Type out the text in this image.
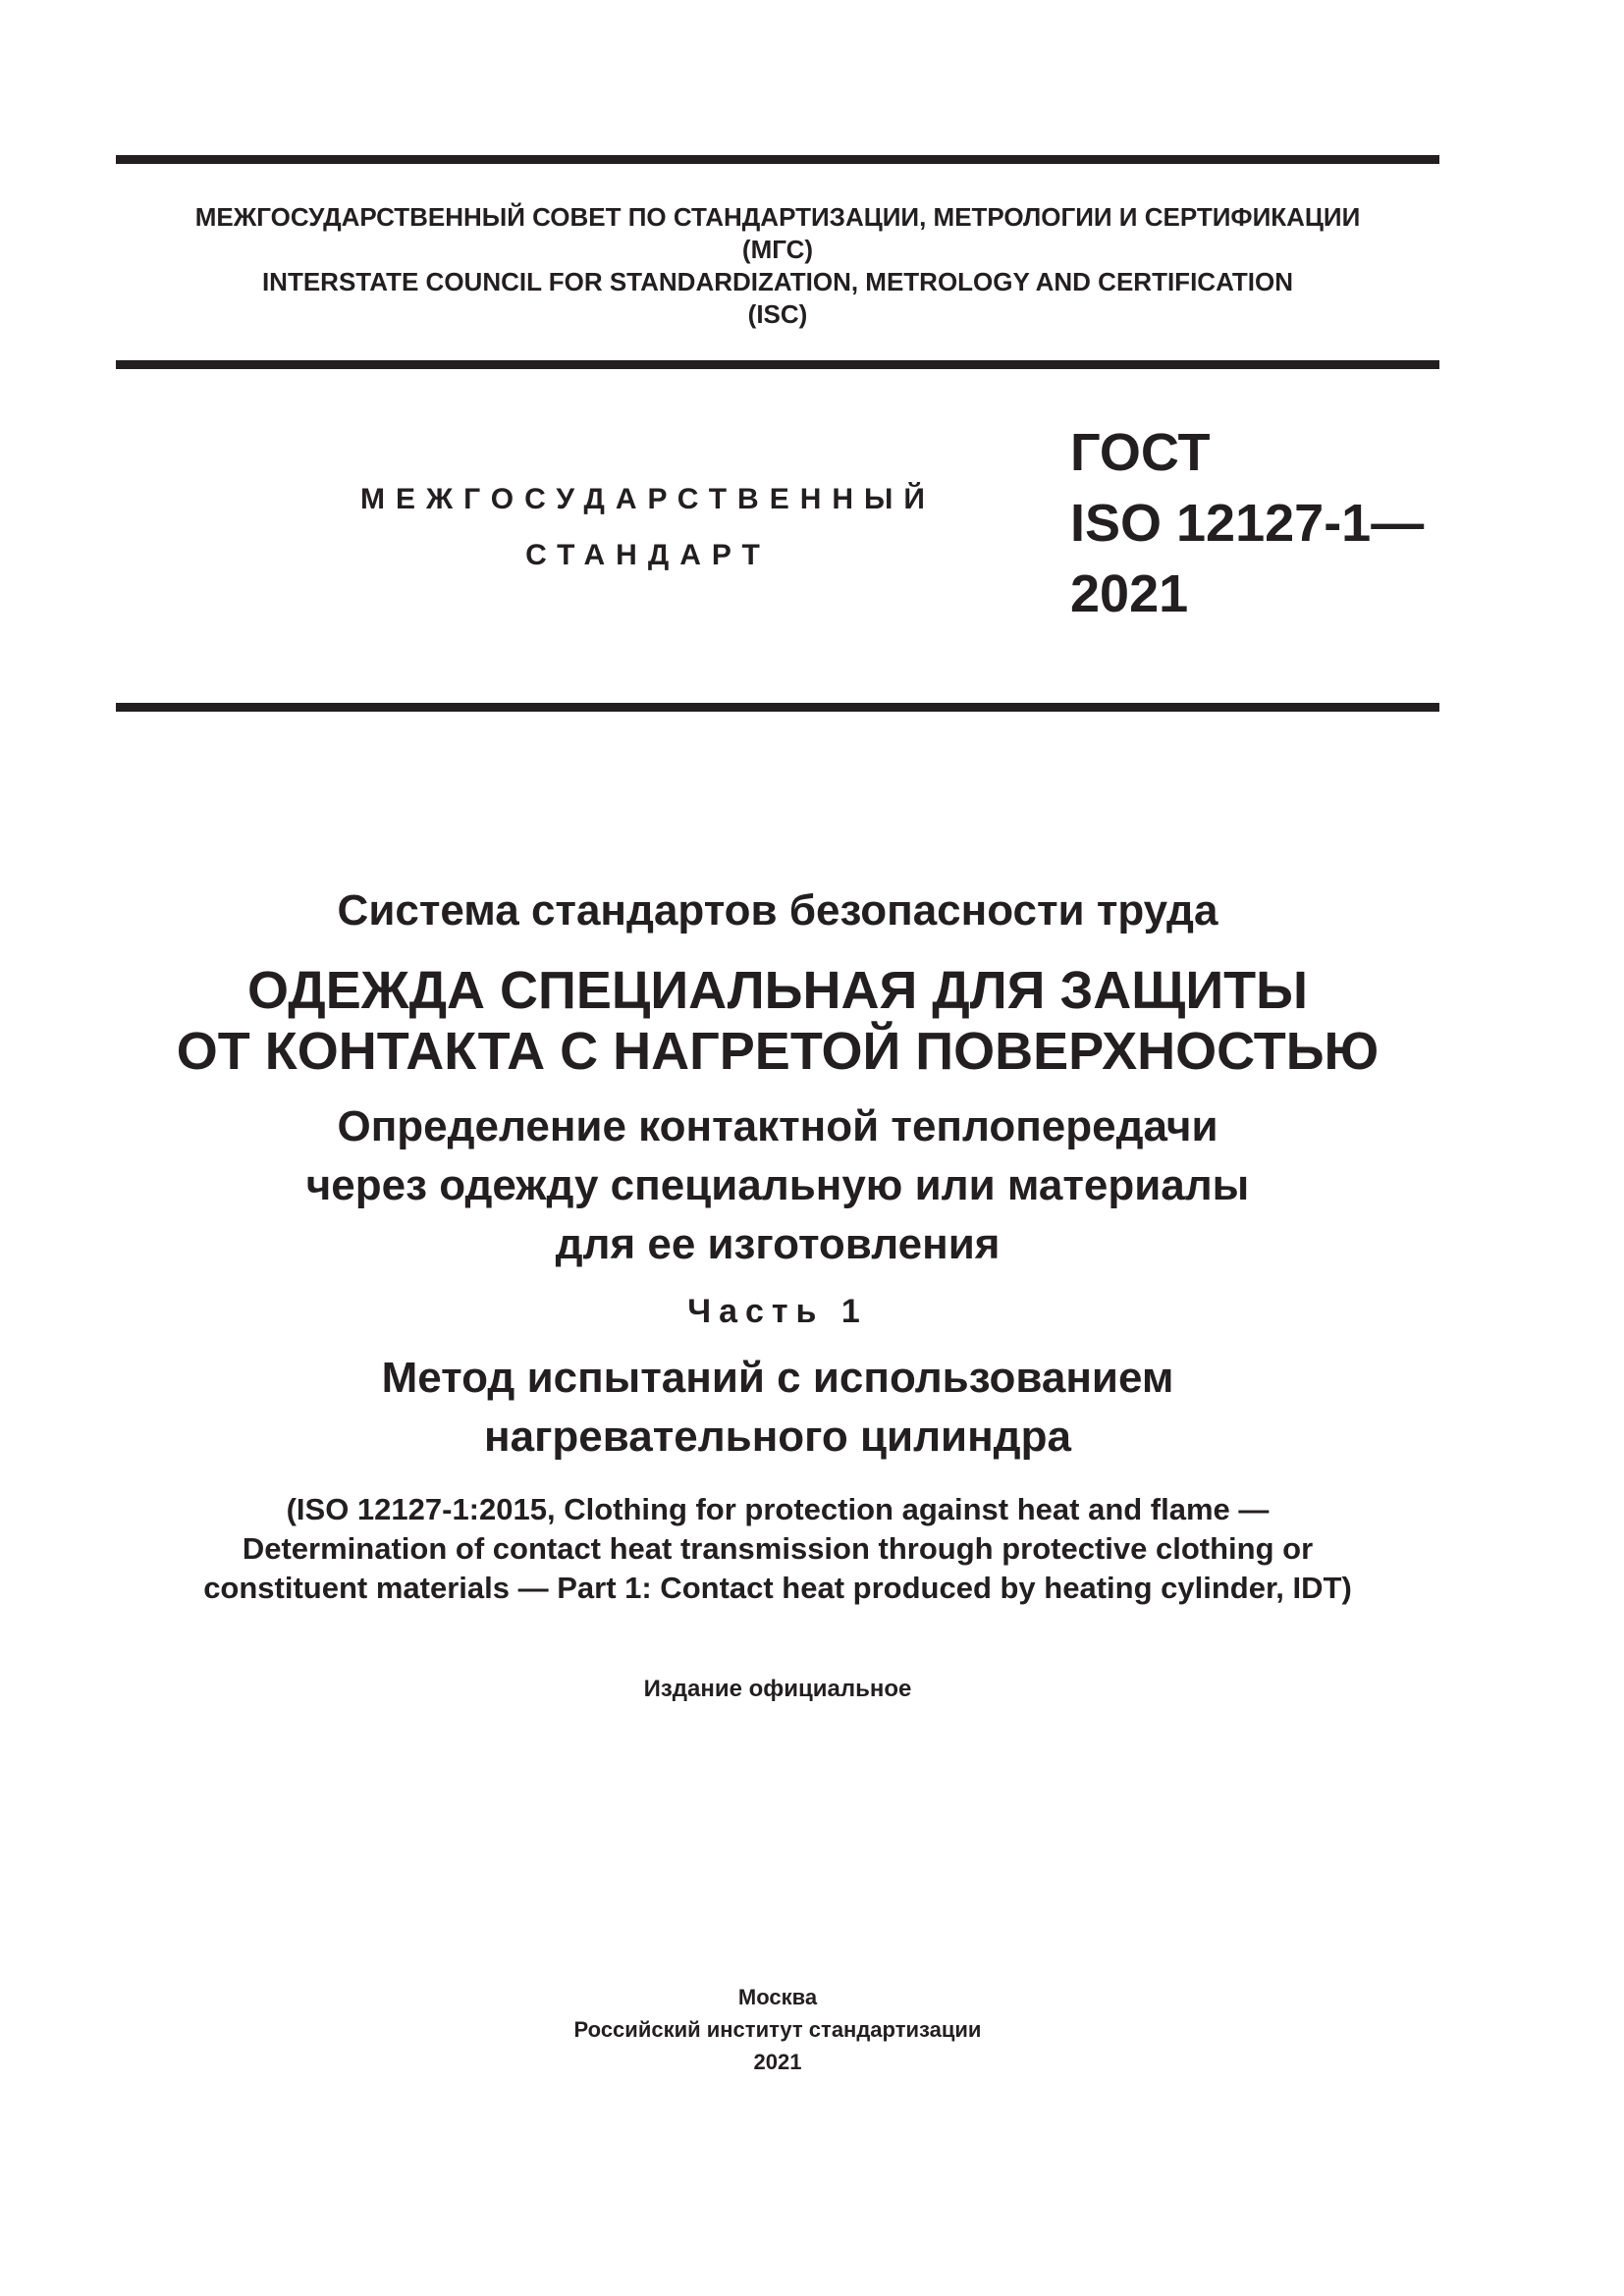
МЕЖГОСУДАРСТВЕННЫЙ СОВЕТ ПО СТАНДАРТИЗАЦИИ, МЕТРОЛОГИИ И СЕРТИФИКАЦИИ
(МГС)
INTERSTATE COUNCIL FOR STANDARDIZATION, METROLOGY AND CERTIFICATION
(ISC)
МЕЖГОСУДАРСТВЕННЫЙ
СТАНДАРТ
ГОСТ
ISO 12127-1—
2021
Система стандартов безопасности труда
ОДЕЖДА СПЕЦИАЛЬНАЯ ДЛЯ ЗАЩИТЫ
ОТ КОНТАКТА С НАГРЕТОЙ ПОВЕРХНОСТЬЮ
Определение контактной теплопередачи
через одежду специальную или материалы
для ее изготовления
Часть 1
Метод испытаний с использованием
нагревательного цилиндра
(ISO 12127-1:2015, Clothing for protection against heat and flame —
Determination of contact heat transmission through protective clothing or
constituent materials — Part 1: Contact heat produced by heating cylinder, IDT)
Издание официальное
Москва
Российский институт стандартизации
2021
